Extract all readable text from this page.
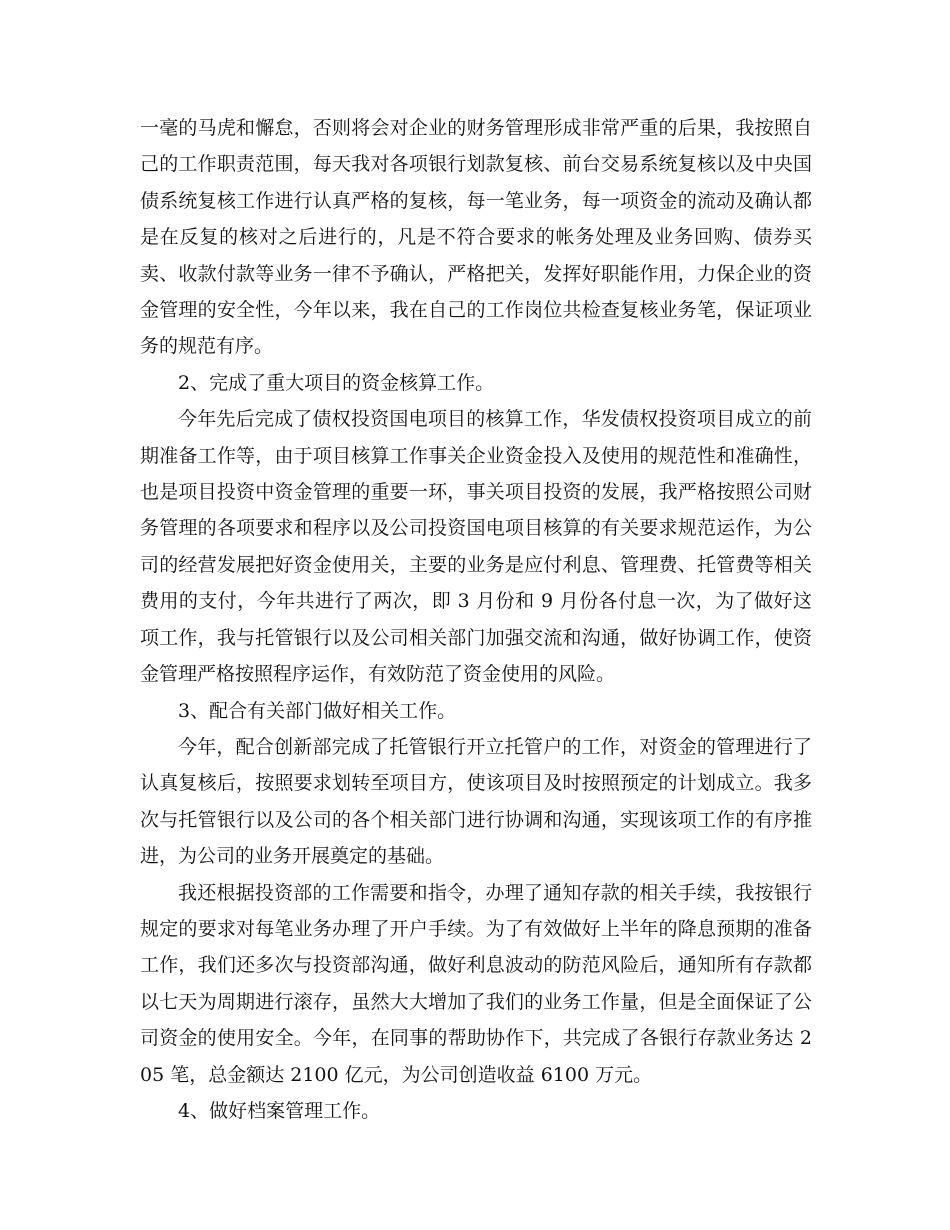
一毫的马虎和懈怠，否则将会对企业的财务管理形成非常严重的后果，我按照自己的工作职责范围，每天我对各项银行划款复核、前台交易系统复核以及中央国债系统复核工作进行认真严格的复核，每一笔业务，每一项资金的流动及确认都是在反复的核对之后进行的，凡是不符合要求的帐务处理及业务回购、债券买卖、收款付款等业务一律不予确认，严格把关，发挥好职能作用，力保企业的资金管理的安全性，今年以来，我在自己的工作岗位共检查复核业务笔，保证项业务的规范有序。

2、完成了重大项目的资金核算工作。

今年先后完成了债权投资国电项目的核算工作，华发债权投资项目成立的前期准备工作等，由于项目核算工作事关企业资金投入及使用的规范性和准确性，也是项目投资中资金管理的重要一环，事关项目投资的发展，我严格按照公司财务管理的各项要求和程序以及公司投资国电项目核算的有关要求规范运作，为公司的经营发展把好资金使用关，主要的业务是应付利息、管理费、托管费等相关费用的支付，今年共进行了两次，即 3 月份和 9 月份各付息一次，为了做好这项工作，我与托管银行以及公司相关部门加强交流和沟通，做好协调工作，使资金管理严格按照程序运作，有效防范了资金使用的风险。

3、配合有关部门做好相关工作。

今年，配合创新部完成了托管银行开立托管户的工作，对资金的管理进行了认真复核后，按照要求划转至项目方，使该项目及时按照预定的计划成立。我多次与托管银行以及公司的各个相关部门进行协调和沟通，实现该项工作的有序推进，为公司的业务开展奠定的基础。

我还根据投资部的工作需要和指令，办理了通知存款的相关手续，我按银行规定的要求对每笔业务办理了开户手续。为了有效做好上半年的降息预期的准备工作，我们还多次与投资部沟通，做好利息波动的防范风险后，通知所有存款都以七天为周期进行滚存，虽然大大增加了我们的业务工作量，但是全面保证了公司资金的使用安全。今年，在同事的帮助协作下，共完成了各银行存款业务达 205 笔，总金额达 2100 亿元，为公司创造收益 6100 万元。

4、做好档案管理工作。
